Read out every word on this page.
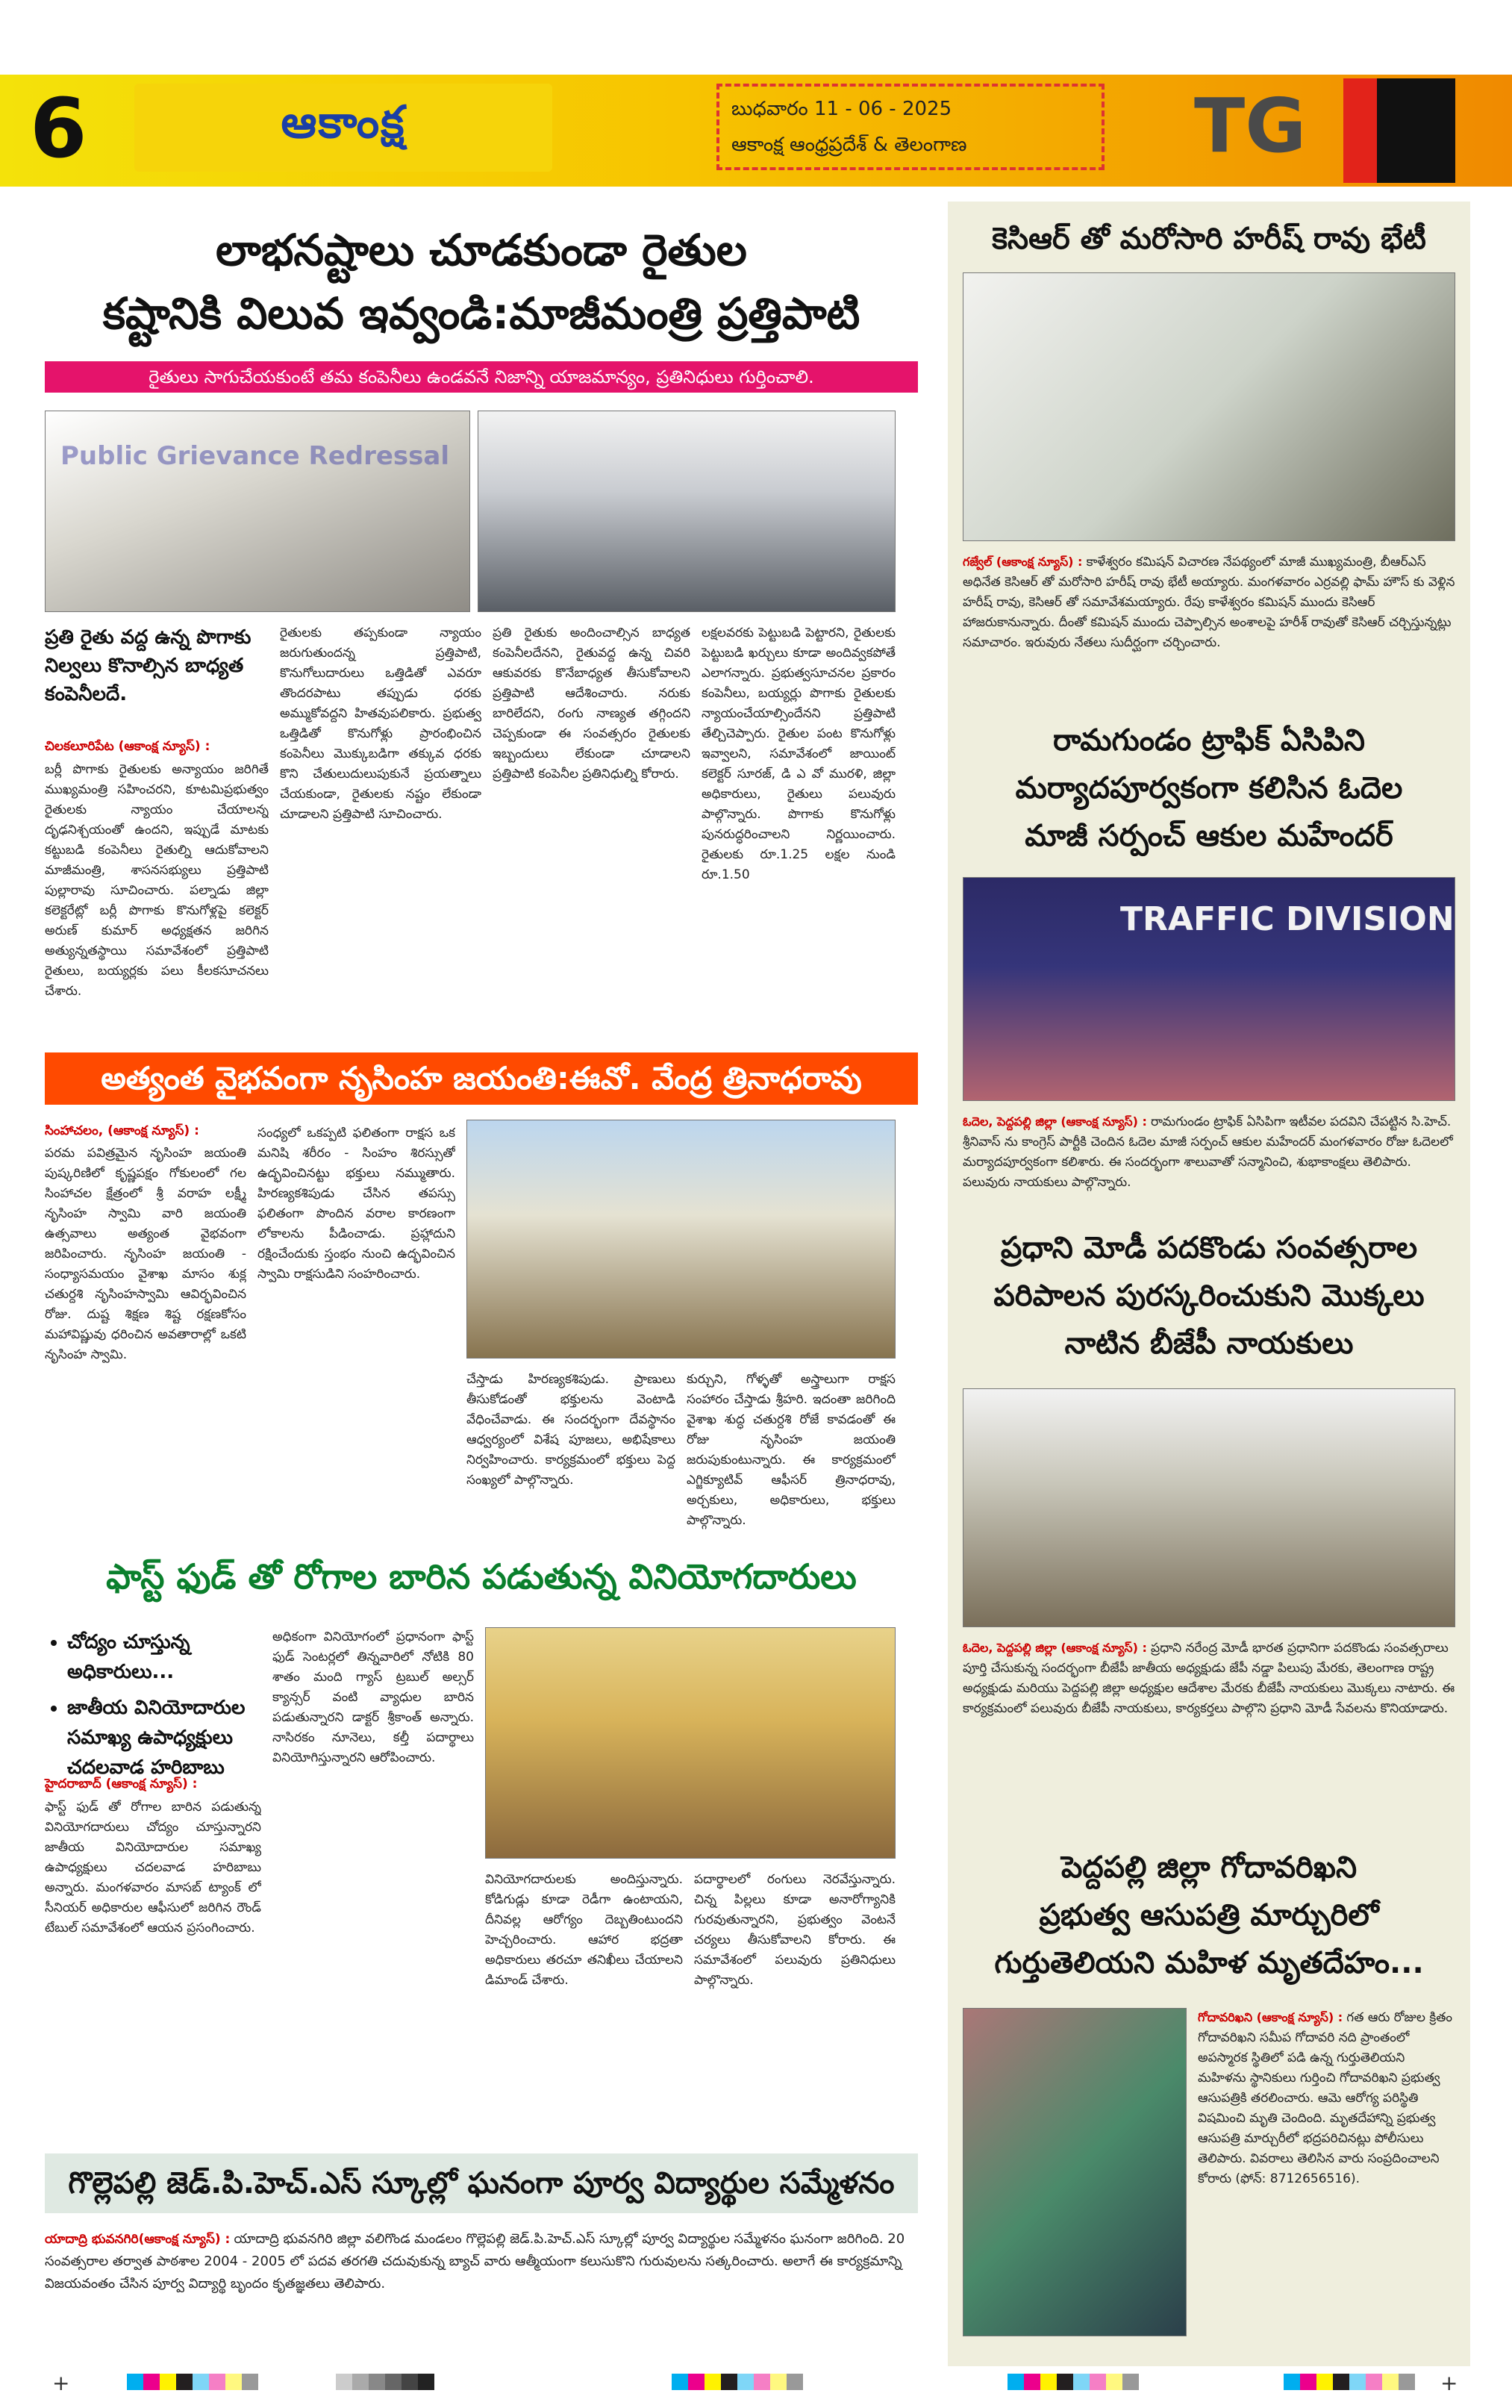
6	ఆకాంక్ష	బుధవారం 11 - 06 - 2025
ఆకాంక్ష ఆంధ్రప్రదేశ్ & తెలంగాణ	TG
లాభనష్టాలు చూడకుండా రైతుల
కష్టానికి విలువ ఇవ్వండి:మాజీమంత్రి ప్రత్తిపాటి
రైతులు సాగుచేయకుంటే తమ కంపెనీలు ఉండవనే నిజాన్ని యాజమాన్యం, ప్రతినిధులు గుర్తించాలి.
Public Grievance Redressal
ప్రతి రైతు వద్ద ఉన్న పొగాకు నిల్వలు కొనాల్సిన బాధ్యత కంపెనీలదే.
చిలకలూరిపేట (ఆకాంక్ష న్యూస్) :
బర్లీ పొగాకు రైతులకు అన్యాయం జరిగితే ముఖ్యమంత్రి సహించరని, కూటమిప్రభుత్వం రైతులకు న్యాయం చేయాలన్న దృఢనిశ్చయంతో ఉందని, ఇప్పుడే మాటకు కట్టుబడి కంపెనీలు రైతుల్ని ఆదుకోవాలని మాజీమంత్రి, శాసనసభ్యులు ప్రత్తిపాటి పుల్లారావు సూచించారు. పల్నాడు జిల్లా కలెక్టరేట్లో బర్లీ పొగాకు కొనుగోళ్లపై కలెక్టర్ అరుణ్ కుమార్ అధ్యక్షతన జరిగిన అత్యున్నతస్థాయి సమావేశంలో ప్రత్తిపాటి రైతులు, బయ్యర్లకు పలు కీలకసూచనలు చేశారు.
రైతులకు తప్పకుండా న్యాయం జరుగుతుందన్న ప్రత్తిపాటి, కొనుగోలుదారులు ఒత్తిడితో ఎవరూ తొందరపాటు తప్పుడు ధరకు అమ్ముకోవద్దని హితవుపలికారు. ప్రభుత్వ ఒత్తిడితో కొనుగోళ్లు ప్రారంభించిన కంపెనీలు మొక్కుబడిగా తక్కువ ధరకు కొని చేతులుదులుపుకునే ప్రయత్నాలు చేయకుండా, రైతులకు నష్టం లేకుండా చూడాలని ప్రత్తిపాటి సూచించారు.
ప్రతి రైతుకు అందించాల్సిన బాధ్యత కంపెనీలదేనని, రైతువద్ద ఉన్న చివరి ఆకువరకు కొనేబాధ్యత తీసుకోవాలని ప్రత్తిపాటి ఆదేశించారు. నరుకు బారిలేదని, రంగు నాణ్యత తగ్గిందని చెప్పకుండా ఈ సంవత్సరం రైతులకు ఇబ్బందులు లేకుండా చూడాలని ప్రత్తిపాటి కంపెనీల ప్రతినిధుల్ని కోరారు.
లక్షలవరకు పెట్టుబడి పెట్టారని, రైతులకు పెట్టుబడి ఖర్చులు కూడా అందివ్వకపోతే ఎలాగన్నారు. ప్రభుత్వసూచనల ప్రకారం కంపెనీలు, బయ్యర్లు పొగాకు రైతులకు న్యాయంచేయాల్సిందేనని ప్రత్తిపాటి తేల్చిచెప్పారు. రైతుల పంట కొనుగోళ్లు ఇవ్వాలని, సమావేశంలో జాయింట్ కలెక్టర్ సూరజ్, డి ఎ వో మురళి, జిల్లా అధికారులు, రైతులు పలువురు పాల్గొన్నారు. పొగాకు కొనుగోళ్లు పునరుద్ధరించాలని నిర్ణయించారు. రైతులకు రూ.1.25 లక్షల నుండి రూ.1.50
అత్యంత వైభవంగా నృసింహ జయంతి:ఈవో. వేంద్ర త్రినాధరావు
సింహాచలం, (ఆకాంక్ష న్యూస్) :
పరమ పవిత్రమైన నృసింహ జయంతి పుష్కరిణిలో కృష్ణపక్షం గోకులంలో గల సింహాచల క్షేత్రంలో శ్రీ వరాహ లక్ష్మీ నృసింహ స్వామి వారి జయంతి ఉత్సవాలు అత్యంత వైభవంగా జరిపించారు. నృసింహ జయంతి - సంధ్యాసమయం వైశాఖ మాసం శుక్ల చతుర్దశి నృసింహస్వామి ఆవిర్భవించిన రోజు. దుష్ట శిక్షణ శిష్ట రక్షణకోసం మహావిష్ణువు ధరించిన అవతారాల్లో ఒకటి నృసింహ స్వామి.
సంధ్యలో ఒకప్పటి ఫలితంగా రాక్షస ఒక మనిషి శరీరం - సింహం శిరస్సుతో ఉద్భవించినట్టు భక్తులు నమ్ముతారు. హిరణ్యకశిపుడు చేసిన తపస్సు ఫలితంగా పొందిన వరాల కారణంగా లోకాలను పీడించాడు. ప్రహ్లాదుని రక్షించేందుకు స్తంభం నుంచి ఉద్భవించిన స్వామి రాక్షసుడిని సంహరించారు.
చేస్తాడు హిరణ్యకశిపుడు. ప్రాణులు తీసుకోడంతో భక్తులను వెంటాడి వేధించేవాడు. ఈ సందర్భంగా దేవస్థానం ఆధ్వర్యంలో విశేష పూజలు, అభిషేకాలు నిర్వహించారు. కార్యక్రమంలో భక్తులు పెద్ద సంఖ్యలో పాల్గొన్నారు.
కుర్చుని, గోళ్ళతో అస్త్రాలుగా రాక్షస సంహారం చేస్తాడు శ్రీహరి. ఇదంతా జరిగింది వైశాఖ శుద్ధ చతుర్దశి రోజే కావడంతో ఈ రోజు నృసింహ జయంతి జరుపుకుంటున్నారు. ఈ కార్యక్రమంలో ఎగ్జిక్యూటివ్ ఆఫీసర్ త్రినాధరావు, అర్చకులు, అధికారులు, భక్తులు పాల్గొన్నారు.
ఫాస్ట్ ఫుడ్ తో రోగాల బారిన పడుతున్న వినియోగదారులు
• చోద్యం చూస్తున్న అధికారులు...
• జాతీయ వినియోదారుల సమాఖ్య ఉపాధ్యక్షులు చదలవాడ హరిబాబు
హైదరాబాద్ (ఆకాంక్ష న్యూస్) :
ఫాస్ట్ ఫుడ్ తో రోగాల బారిన పడుతున్న వినియోగదారులు చోద్యం చూస్తున్నారని జాతీయ వినియోదారుల సమాఖ్య ఉపాధ్యక్షులు చదలవాడ హరిబాబు అన్నారు. మంగళవారం మాసబ్ ట్యాంక్ లో సీనియర్ అధికారుల ఆఫీసులో జరిగిన రౌండ్ టేబుల్ సమావేశంలో ఆయన ప్రసంగించారు.
అధికంగా వినియోగంలో ప్రధానంగా ఫాస్ట్ ఫుడ్ సెంటర్లలో తిన్నవారిలో నోటికి 80 శాతం మంది గ్యాస్ ట్రబుల్ అల్సర్ క్యాన్సర్ వంటి వ్యాధుల బారిన పడుతున్నారని డాక్టర్ శ్రీకాంత్ అన్నారు. నాసిరకం నూనెలు, కల్తీ పదార్థాలు వినియోగిస్తున్నారని ఆరోపించారు.
వినియోగదారులకు అందిస్తున్నారు. కోడిగుడ్లు కూడా రెడీగా ఉంటాయని, దీనివల్ల ఆరోగ్యం దెబ్బతింటుందని హెచ్చరించారు. ఆహార భద్రతా అధికారులు తరచూ తనిఖీలు చేయాలని డిమాండ్ చేశారు.
పదార్థాలలో రంగులు నెరవేస్తున్నారు. చిన్న పిల్లలు కూడా అనారోగ్యానికి గురవుతున్నారని, ప్రభుత్వం వెంటనే చర్యలు తీసుకోవాలని కోరారు. ఈ సమావేశంలో పలువురు ప్రతినిధులు పాల్గొన్నారు.
గొల్లెపల్లి జెడ్.పి.హెచ్.ఎస్ స్కూల్లో ఘనంగా పూర్వ విద్యార్థుల సమ్మేళనం
యాదాద్రి భువనగిరి(ఆకాంక్ష న్యూస్) : యాదాద్రి భువనగిరి జిల్లా వలిగొండ మండలం గొల్లెపల్లి జెడ్.పి.హెచ్.ఎస్ స్కూల్లో పూర్వ విద్యార్థుల సమ్మేళనం ఘనంగా జరిగింది. 20 సంవత్సరాల తర్వాత పాఠశాల 2004 - 2005 లో పదవ తరగతి చదువుకున్న బ్యాచ్ వారు ఆత్మీయంగా కలుసుకొని గురువులను సత్కరించారు. అలాగే ఈ కార్యక్రమాన్ని విజయవంతం చేసిన పూర్వ విద్యార్థి బృందం కృతజ్ఞతలు తెలిపారు.
కెసిఆర్ తో మరోసారి హరీష్ రావు భేటీ
గజ్వేల్ (ఆకాంక్ష న్యూస్) : కాళేశ్వరం కమిషన్ విచారణ నేపథ్యంలో మాజీ ముఖ్యమంత్రి, బీఆర్ఎస్ అధినేత కెసిఆర్ తో మరోసారి హరీష్ రావు భేటీ అయ్యారు. మంగళవారం ఎర్రవల్లి ఫామ్ హౌస్ కు వెళ్లిన హరీష్ రావు, కెసిఆర్ తో సమావేశమయ్యారు. రేపు కాళేశ్వరం కమిషన్ ముందు కెసిఆర్ హాజరుకానున్నారు. దీంతో కమిషన్ ముందు చెప్పాల్సిన అంశాలపై హరీశ్ రావుతో కెసిఆర్ చర్చిస్తున్నట్లు సమాచారం. ఇరువురు నేతలు సుదీర్ఘంగా చర్చించారు.
రామగుండం ట్రాఫిక్ ఏసిపిని
మర్యాదపూర్వకంగా కలిసిన ఓదెల
మాజీ సర్పంచ్ ఆకుల మహేందర్
TRAFFIC DIVISION
ఓదెల, పెద్దపల్లి జిల్లా (ఆకాంక్ష న్యూస్) : రామగుండం ట్రాఫిక్ ఏసిపిగా ఇటీవల పదవిని చేపట్టిన సి.హెచ్. శ్రీనివాస్ ను కాంగ్రెస్ పార్టీకి చెందిన ఓదెల మాజీ సర్పంచ్ ఆకుల మహేందర్ మంగళవారం రోజు ఓదెలలో మర్యాదపూర్వకంగా కలిశారు. ఈ సందర్భంగా శాలువాతో సన్మానించి, శుభాకాంక్షలు తెలిపారు. పలువురు నాయకులు పాల్గొన్నారు.
ప్రధాని మోడీ పదకొండు సంవత్సరాల
పరిపాలన పురస్కరించుకుని మొక్కలు
నాటిన బీజేపీ నాయకులు
ఓదెల, పెద్దపల్లి జిల్లా (ఆకాంక్ష న్యూస్) : ప్రధాని నరేంద్ర మోడీ భారత ప్రధానిగా పదకొండు సంవత్సరాలు పూర్తి చేసుకున్న సందర్భంగా బీజేపీ జాతీయ అధ్యక్షుడు జేపీ నడ్డా పిలుపు మేరకు, తెలంగాణ రాష్ట్ర అధ్యక్షుడు మరియు పెద్దపల్లి జిల్లా అధ్యక్షుల ఆదేశాల మేరకు బీజేపీ నాయకులు మొక్కలు నాటారు. ఈ కార్యక్రమంలో పలువురు బీజేపీ నాయకులు, కార్యకర్తలు పాల్గొని ప్రధాని మోడీ సేవలను కొనియాడారు.
పెద్దపల్లి జిల్లా గోదావరిఖని
ప్రభుత్వ ఆసుపత్రి మార్చురిలో
గుర్తుతెలియని మహిళ మృతదేహం...
గోదావరిఖని (ఆకాంక్ష న్యూస్) : గత ఆరు రోజుల క్రితం గోదావరిఖని సమీప గోదావరి నది ప్రాంతంలో అపస్మారక స్థితిలో పడి ఉన్న గుర్తుతెలియని మహిళను స్థానికులు గుర్తించి గోదావరిఖని ప్రభుత్వ ఆసుపత్రికి తరలించారు. ఆమె ఆరోగ్య పరిస్థితి విషమించి మృతి చెందింది. మృతదేహాన్ని ప్రభుత్వ ఆసుపత్రి మార్చురీలో భద్రపరిచినట్లు పోలీసులు తెలిపారు. వివరాలు తెలిసిన వారు సంప్రదించాలని కోరారు (ఫోన్: 8712656516).
+	+
